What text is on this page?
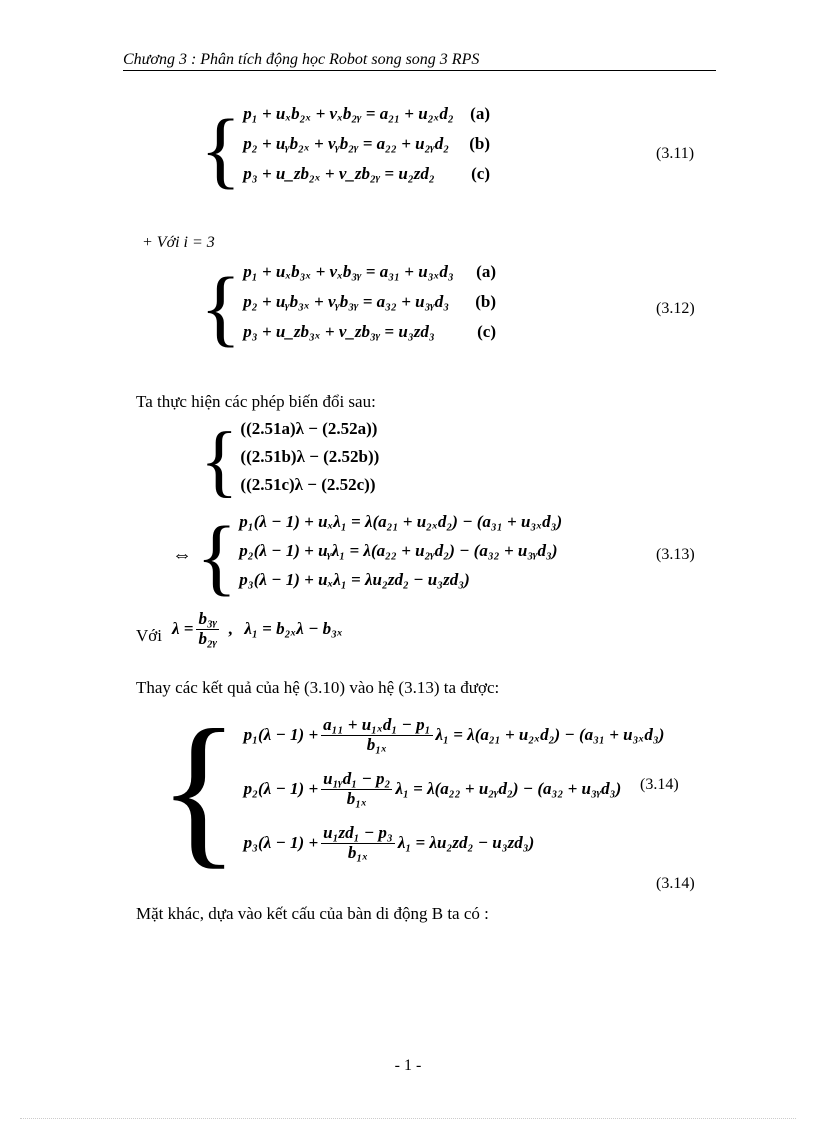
Chương 3 : Phân tích động học Robot song song 3 RPS
{ p₁ + uₓb₂ₓ + vₓb₂ᵧ = a₂₁ + u₂ₓd₂ (a)
p₂ + uᵧb₂ₓ + vᵧb₂ᵧ = a₂₂ + u₂ᵧd₂	(b)
p₃ + u_zb₂ₓ + v_zb₂ᵧ = u₂zd₂	(c)
(3.11)
+ Với i = 3
{ p₁ + uₓb₃ₓ + vₓb₃ᵧ = a₃₁ + u₃ₓd₃	(a)
p₂ + uᵧb₃ₓ + vᵧb₃ᵧ = a₃₂ + u₃ᵧd₃	(b)
p₃ + u_zb₃ₓ + v_zb₃ᵧ = u₃zd₃	(c)
(3.12)
Ta thực hiện các phép biến đổi sau:
{ ((2.51a)λ − (2.52a))
((2.51b)λ − (2.52b))
((2.51c)λ − (2.52c))
⇔ { p₁(λ − 1) + uₓλ₁ = λ(a₂₁ + u₂ₓd₂) − (a₃₁ + u₃ₓd₃)
p₂(λ − 1) + uᵧλ₁ = λ(a₂₂ + u₂ᵧd₂) − (a₃₂ + u₃ᵧd₃)
p₃(λ − 1) + uₓλ₁ = λu₂zd₂ − u₃zd₃)
(3.13)
Với $\lambda = \frac{\text{b₃ᵧ}}{\text{b₂ᵧ}}$ , λ₁ = b₂ₓλ − b₃ₓ
Thay các kết quả của hệ (3.10) vào hệ (3.13) ta được:
{ $p_1(\lambda - 1) + \frac{\text{a₁₁ + u₁ₓd₁ − p₁}}{\text{b₁ₓ}} \lambda_1 = \lambda(a_{21} + u_{2x}d_2) - (a_{31} + u_{3x}d_3)$
$p_2(\lambda - 1) + \frac{\text{u₁ᵧd₁ − p₂}}{\text{b₁ₓ}} \lambda_1 = \lambda(a_{22}$ + u₂ᵧd₂) − (a₃₂ + u₃ᵧd₃)
$p_3(\lambda - 1) + \frac{\text{u₁zd₁ − p₃}}{\text{b₁ₓ}} \lambda_1 = \lambda u_2zd_2 - u_3zd_3$)
(3.14)
(3.14)
Mặt khác, dựa vào kết cấu của bàn di động B ta có :
- 1 -
